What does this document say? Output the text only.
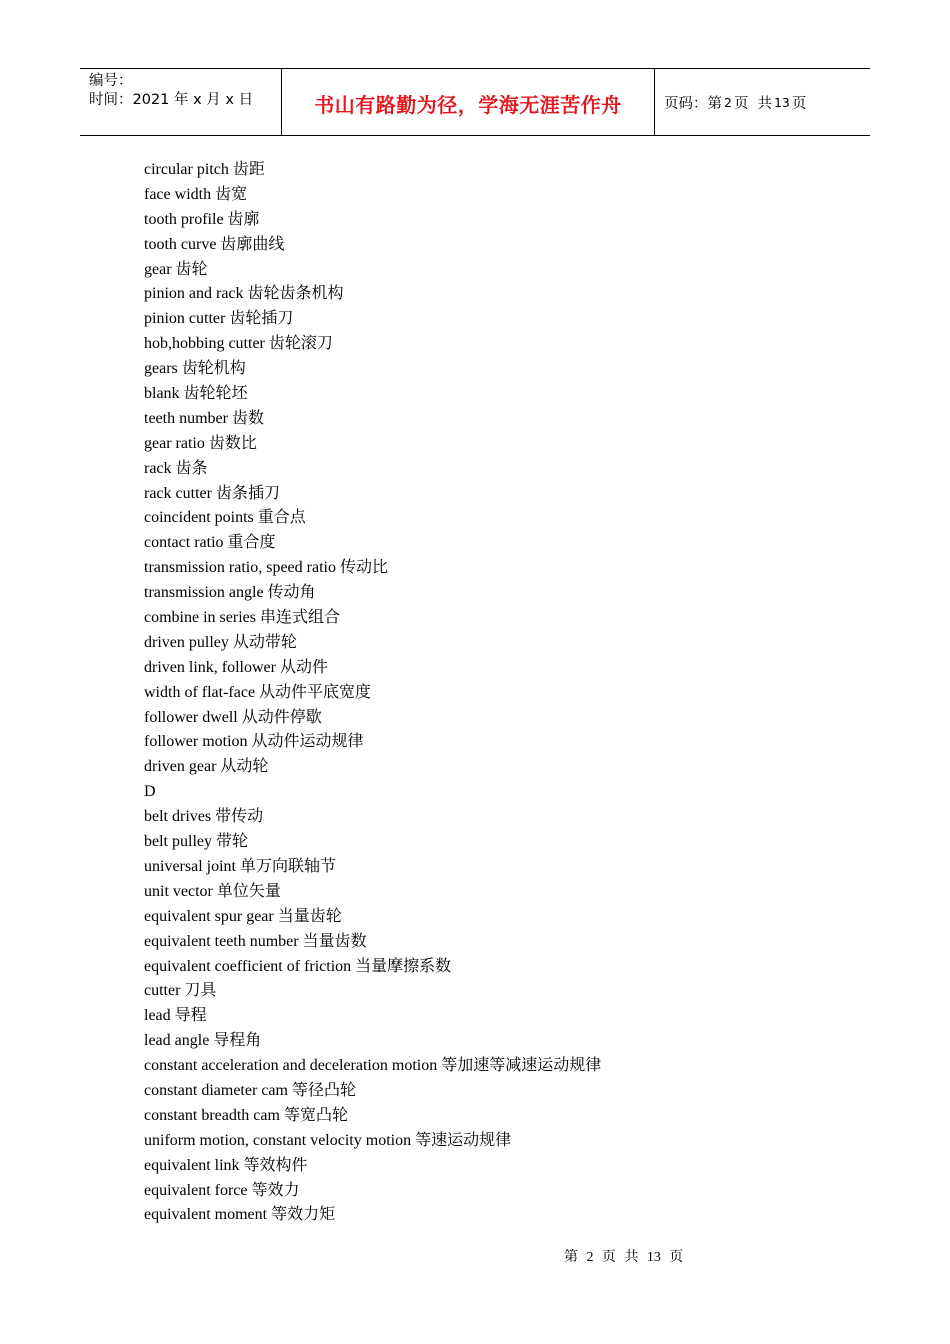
编号：
时间：2021 年 x 月 x 日	书山有路勤为径，学海无涯苦作舟	页码：第 2 页 共 13 页
circular pitch 齿距
face width 齿宽
tooth profile 齿廓
tooth curve 齿廓曲线
gear 齿轮
pinion and rack 齿轮齿条机构
pinion cutter 齿轮插刀
hob,hobbing cutter 齿轮滚刀
gears 齿轮机构
blank 齿轮轮坯
teeth number 齿数
gear ratio 齿数比
rack 齿条
rack cutter 齿条插刀
coincident points 重合点
contact ratio 重合度
transmission ratio, speed ratio 传动比
transmission angle 传动角
combine in series 串连式组合
driven pulley 从动带轮
driven link, follower 从动件
width of flat-face 从动件平底宽度
follower dwell 从动件停歇
follower motion 从动件运动规律
driven gear 从动轮
D
belt drives 带传动
belt pulley 带轮
universal joint 单万向联轴节
unit vector 单位矢量
equivalent spur gear 当量齿轮
equivalent teeth number 当量齿数
equivalent coefficient of friction 当量摩擦系数
cutter 刀具
lead 导程
lead angle 导程角
constant acceleration and deceleration motion 等加速等减速运动规律
constant diameter cam 等径凸轮
constant breadth cam 等宽凸轮
uniform motion, constant velocity motion 等速运动规律
equivalent link 等效构件
equivalent force 等效力
equivalent moment 等效力矩
第 2 页 共 13 页
